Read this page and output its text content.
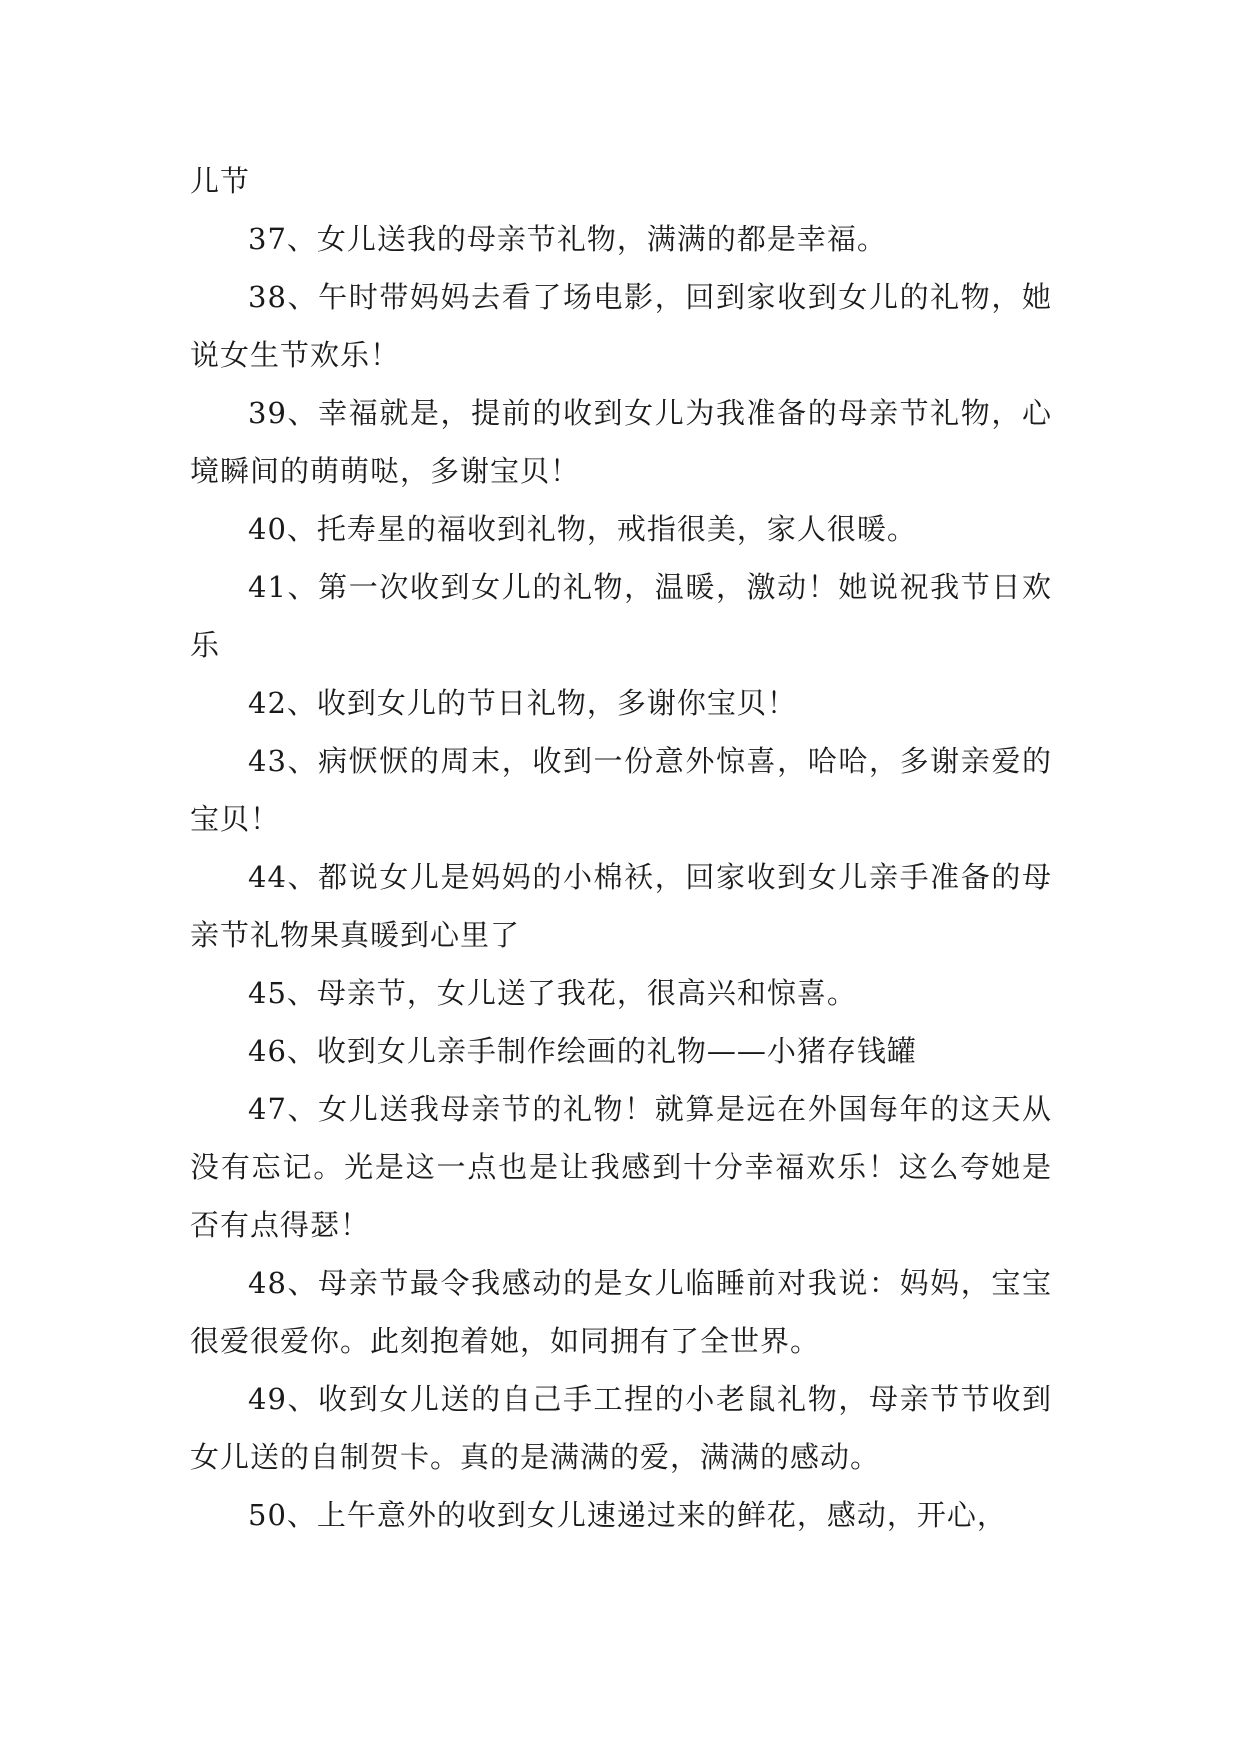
儿节

37、女儿送我的母亲节礼物，满满的都是幸福。

38、午时带妈妈去看了场电影，回到家收到女儿的礼物，她说女生节欢乐！

39、幸福就是，提前的收到女儿为我准备的母亲节礼物，心境瞬间的萌萌哒，多谢宝贝！

40、托寿星的福收到礼物，戒指很美，家人很暖。

41、第一次收到女儿的礼物，温暖，激动！她说祝我节日欢乐

42、收到女儿的节日礼物，多谢你宝贝！

43、病恹恹的周末，收到一份意外惊喜，哈哈，多谢亲爱的宝贝！

44、都说女儿是妈妈的小棉袄，回家收到女儿亲手准备的母亲节礼物果真暖到心里了

45、母亲节，女儿送了我花，很高兴和惊喜。

46、收到女儿亲手制作绘画的礼物——小猪存钱罐

47、女儿送我母亲节的礼物！就算是远在外国每年的这天从没有忘记。光是这一点也是让我感到十分幸福欢乐！这么夸她是否有点得瑟！

48、母亲节最令我感动的是女儿临睡前对我说：妈妈，宝宝很爱很爱你。此刻抱着她，如同拥有了全世界。

49、收到女儿送的自己手工捏的小老鼠礼物，母亲节节收到女儿送的自制贺卡。真的是满满的爱，满满的感动。

50、上午意外的收到女儿速递过来的鲜花，感动，开心，
